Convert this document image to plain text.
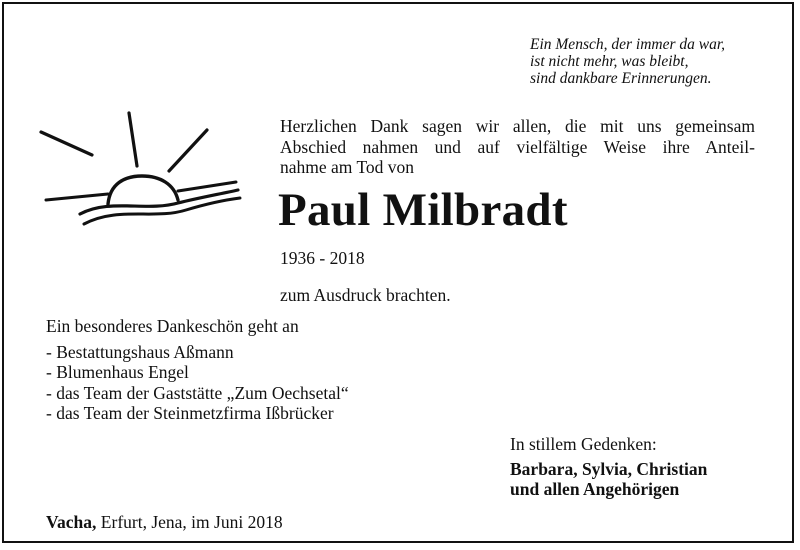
Ein Mensch, der immer da war,
ist nicht mehr, was bleibt,
sind dankbare Erinnerungen.
Herzlichen Dank sagen wir allen, die mit uns gemeinsam
Abschied nahmen und auf vielfältige Weise ihre Anteil-
nahme am Tod von
Paul Milbradt
1936 - 2018
zum Ausdruck brachten.
Ein besonderes Dankeschön geht an
- Bestattungshaus Aßmann
- Blumenhaus Engel
- das Team der Gaststätte „Zum Oechsetal“
- das Team der Steinmetzfirma Ißbrücker
In stillem Gedenken:
Barbara, Sylvia, Christian
und allen Angehörigen
Vacha, Erfurt, Jena, im Juni 2018
